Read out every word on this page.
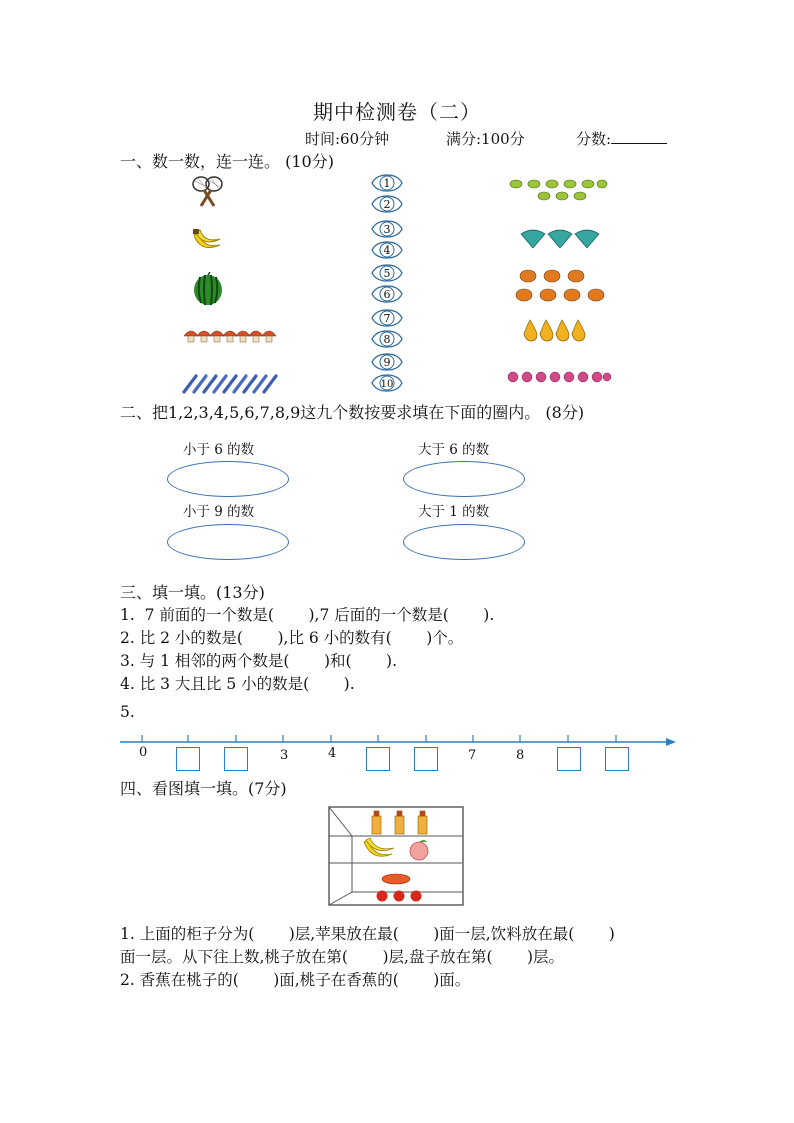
期中检测卷（二）
时间:60分钟	满分:100分	分数:
一、数一数，连一连。 (10分)
1
2
3
4
5
6
7
8
9
10
二、把1,2,3,4,5,6,7,8,9这九个数按要求填在下面的圈内。 (8分)
小于 6 的数	大于 6 的数
小于 9 的数	大于 1 的数
三、填一填。(13分)
1.  7 前面的一个数是(       ),7 后面的一个数是(       ).
2. 比 2 小的数是(       ),比 6 小的数有(       )个。
3. 与 1 相邻的两个数是(       )和(       ).
4. 比 3 大且比 5 小的数是(       ).
5.
0	3	4	7	8
四、看图填一填。(7分)
1. 上面的柜子分为(       )层,苹果放在最(       )面一层,饮料放在最(       )
面一层。从下往上数,桃子放在第(       )层,盘子放在第(       )层。
2. 香蕉在桃子的(       )面,桃子在香蕉的(       )面。
